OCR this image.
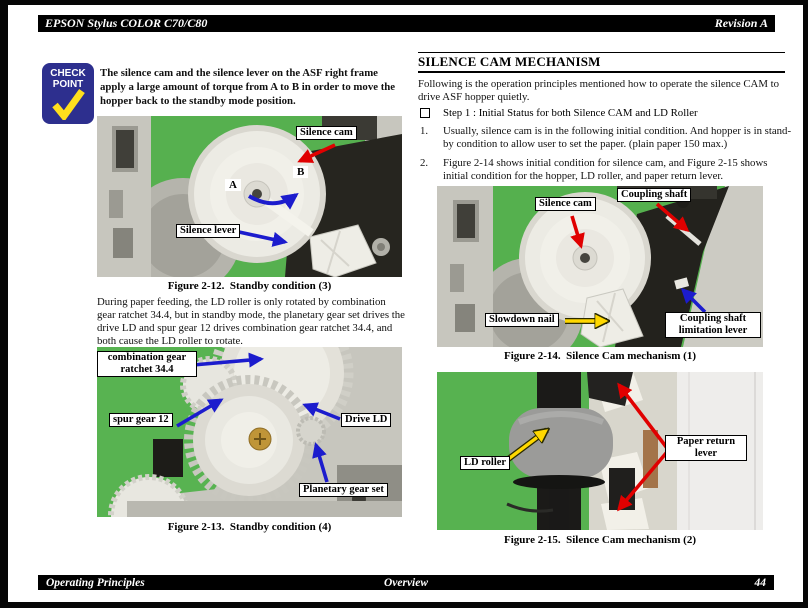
EPSON Stylus COLOR C70/C80	Revision A
CHECK
POINT
The silence cam and the silence lever on the ASF right frame apply a large amount of torque from A to B in order to move the hopper back to the standby mode position.
Silence cam
B
A
Silence lever
Figure 2-12.  Standby condition (3)
During paper feeding, the LD roller is only rotated by combination gear ratchet 34.4, but in standby mode, the planetary gear set drives the drive LD and spur gear 12 drives combination gear ratchet 34.4, and both cause the LD roller to rotate.
combination gear ratchet 34.4
spur gear 12	Drive LD
Planetary gear set
Figure 2-13.  Standby condition (4)
SILENCE CAM MECHANISM
Following is the operation principles mentioned how to operate the silence CAM to drive ASF hopper quietly.
Step 1 : Initial Status for both Silence CAM and LD Roller
1. Usually, silence cam is in the following initial condition. And hopper is in stand-by condition to allow user to set the paper. (plain paper 150 max.)
2. Figure 2-14 shows initial condition for silence cam, and Figure 2-15 shows initial condition for the hopper, LD roller, and paper return lever.
Silence cam
Coupling shaft
Slowdown nail	Coupling shaft limitation lever
Figure 2-14.  Silence Cam mechanism (1)
LD roller
Paper return lever
Figure 2-15.  Silence Cam mechanism (2)
Operating Principles	Overview	44
